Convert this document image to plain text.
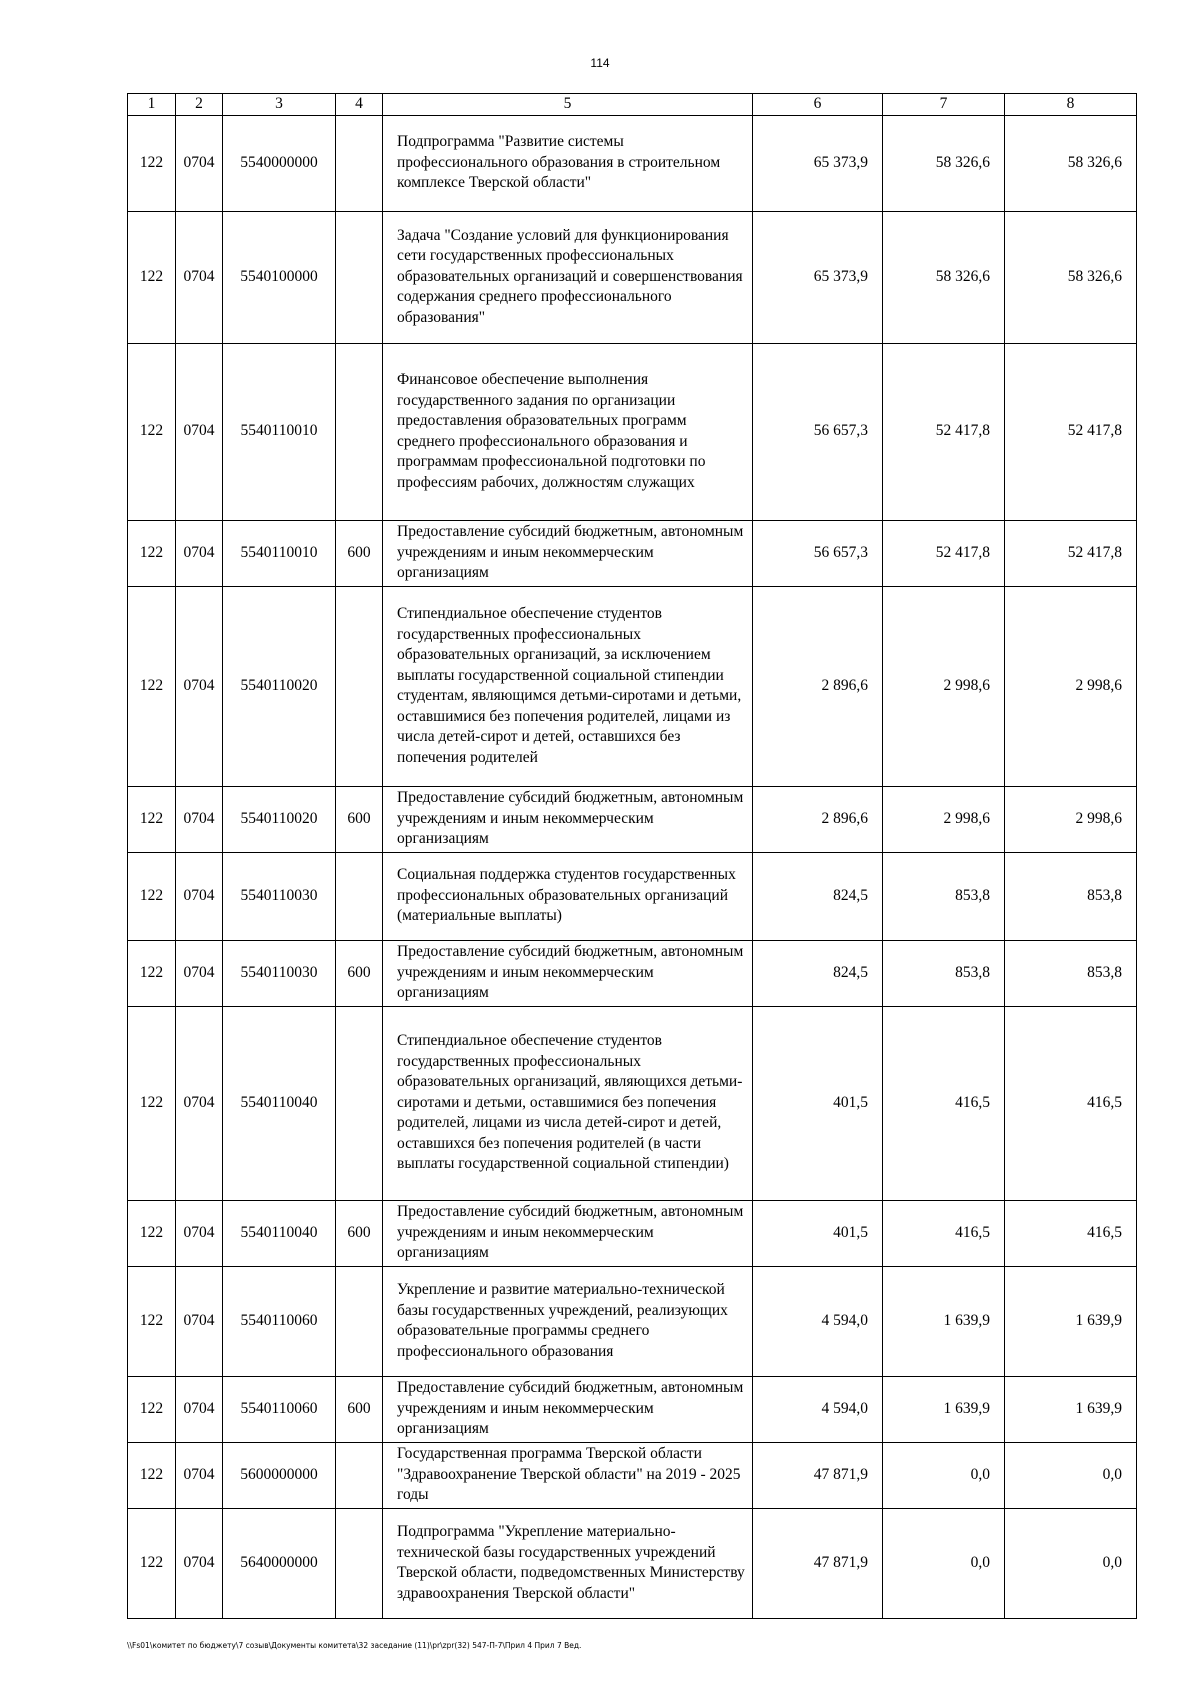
114
1	2	3	4	5	6	7	8
122	0704	5540000000		Подпрограмма "Развитие системы профессионального образования в строительном комплексе Тверской области"	65 373,9	58 326,6	58 326,6
122	0704	5540100000		Задача "Создание условий для функционирования сети государственных профессиональных образовательных организаций и совершенствования содержания среднего профессионального образования"	65 373,9	58 326,6	58 326,6
122	0704	5540110010		Финансовое обеспечение выполнения государственного задания по организации предоставления образовательных программ среднего профессионального образования и программам профессиональной подготовки по профессиям рабочих, должностям служащих	56 657,3	52 417,8	52 417,8
122	0704	5540110010	600	Предоставление субсидий бюджетным, автономным учреждениям и иным некоммерческим организациям	56 657,3	52 417,8	52 417,8
122	0704	5540110020		Стипендиальное обеспечение студентов государственных профессиональных образовательных организаций, за исключением выплаты государственной социальной стипендии студентам, являющимся детьми-сиротами и детьми, оставшимися без попечения родителей, лицами из числа детей-сирот и детей, оставшихся без попечения родителей	2 896,6	2 998,6	2 998,6
122	0704	5540110020	600	Предоставление субсидий бюджетным, автономным учреждениям и иным некоммерческим организациям	2 896,6	2 998,6	2 998,6
122	0704	5540110030		Социальная поддержка студентов государственных профессиональных образовательных организаций (материальные выплаты)	824,5	853,8	853,8
122	0704	5540110030	600	Предоставление субсидий бюджетным, автономным учреждениям и иным некоммерческим организациям	824,5	853,8	853,8
122	0704	5540110040		Стипендиальное обеспечение студентов государственных профессиональных образовательных организаций, являющихся детьми-сиротами и детьми, оставшимися без попечения родителей, лицами из числа детей-сирот и детей, оставшихся без попечения родителей (в части выплаты государственной социальной стипендии)	401,5	416,5	416,5
122	0704	5540110040	600	Предоставление субсидий бюджетным, автономным учреждениям и иным некоммерческим организациям	401,5	416,5	416,5
122	0704	5540110060		Укрепление и развитие материально-технической базы государственных учреждений, реализующих образовательные программы среднего профессионального образования	4 594,0	1 639,9	1 639,9
122	0704	5540110060	600	Предоставление субсидий бюджетным, автономным учреждениям и иным некоммерческим организациям	4 594,0	1 639,9	1 639,9
122	0704	5600000000		Государственная программа Тверской области "Здравоохранение Тверской области" на 2019 - 2025 годы	47 871,9	0,0	0,0
122	0704	5640000000		Подпрограмма "Укрепление материально-технической базы государственных учреждений Тверской области, подведомственных Министерству здравоохранения Тверской области"	47 871,9	0,0	0,0
\\Fs01\комитет по бюджету\7 созыв\Документы комитета\32 заседание (11)\pr\zpr(32) 547-П-7\Прил 4 Прил 7 Вед.
